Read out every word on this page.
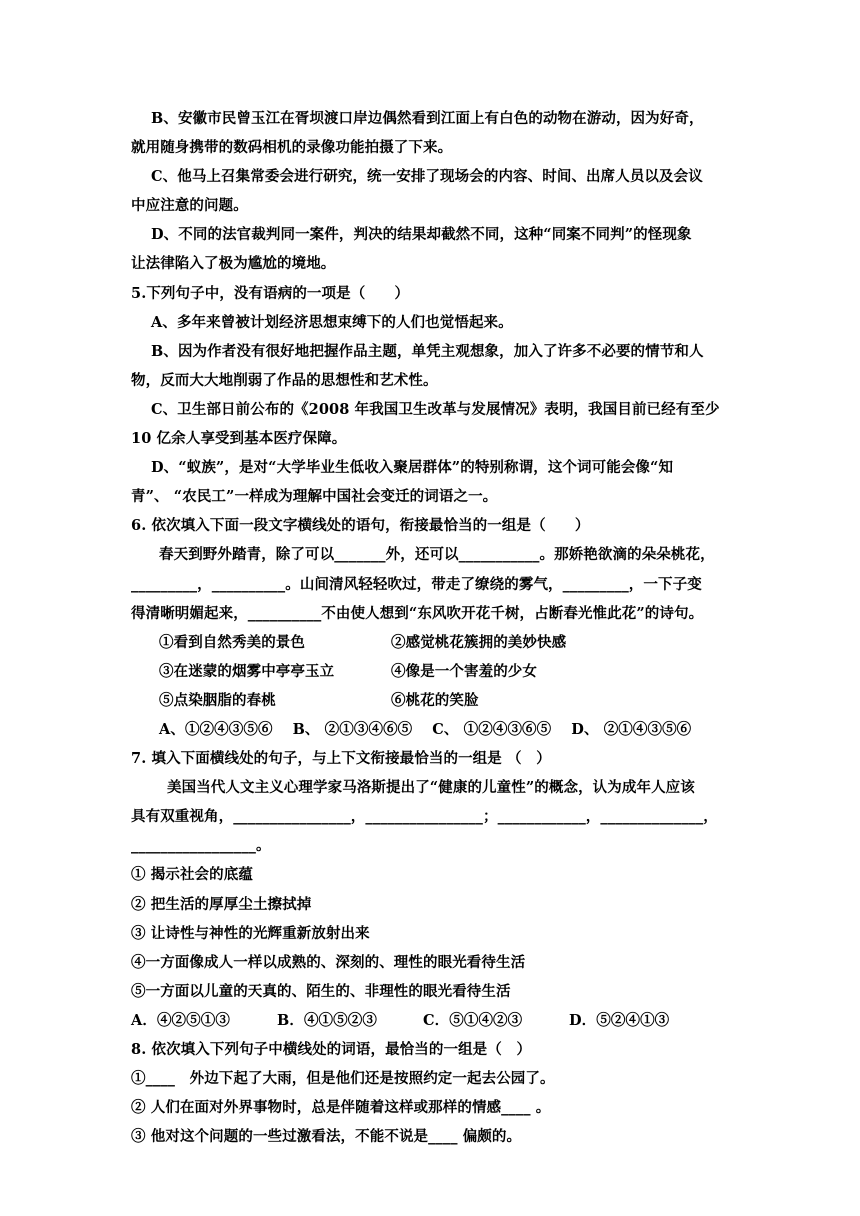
B、安徽市民曾玉江在胥坝渡口岸边偶然看到江面上有白色的动物在游动，因为好奇，
就用随身携带的数码相机的录像功能拍摄了下来。
C、他马上召集常委会进行研究，统一安排了现场会的内容、时间、出席人员以及会议
中应注意的问题。
D、不同的法官裁判同一案件，判决的结果却截然不同，这种“同案不同判”的怪现象
让法律陷入了极为尴尬的境地。
5.下列句子中，没有语病的一项是（　　）
A、多年来曾被计划经济思想束缚下的人们也觉悟起来。
B、因为作者没有很好地把握作品主题，单凭主观想象，加入了许多不必要的情节和人
物，反而大大地削弱了作品的思想性和艺术性。
C、卫生部日前公布的《2008 年我国卫生改革与发展情况》表明，我国目前已经有至少
10 亿余人享受到基本医疗保障。
D、“蚁族”，是对“大学毕业生低收入聚居群体”的特别称谓，这个词可能会像“知
青”、 “农民工”一样成为理解中国社会变迁的词语之一。
6. 依次填入下面一段文字横线处的语句，衔接最恰当的一组是（　　）
春天到野外踏青，除了可以_______外，还可以___________。那娇艳欲滴的朵朵桃花，
_________，__________。山间清风轻轻吹过，带走了缭绕的雾气，_________，一下子变
得清晰明媚起来，__________不由使人想到“东风吹开花千树，占断春光惟此花”的诗句。
①看到自然秀美的景色	②感觉桃花簇拥的美妙快感
③在迷蒙的烟雾中亭亭玉立	④像是一个害羞的少女
⑤点染胭脂的春桃	⑥桃花的笑脸
A、①②④③⑤⑥ B、 ②①③④⑥⑤ C、 ①②④③⑥⑤ D、 ②①④③⑤⑥
7. 填入下面横线处的句子，与上下文衔接最恰当的一组是 （　）
美国当代人文主义心理学家马洛斯提出了“健康的儿童性”的概念，认为成年人应该
具有双重视角，________________，________________；____________，______________，
_________________。
① 揭示社会的底蕴
② 把生活的厚厚尘土擦拭掉
③ 让诗性与神性的光辉重新放射出来
④一方面像成人一样以成熟的、深刻的、理性的眼光看待生活
⑤一方面以儿童的天真的、陌生的、非理性的眼光看待生活
A．④②⑤①③	B．④①⑤②③	C．⑤①④②③	D．⑤②④①③
8. 依次填入下列句子中横线处的词语，最恰当的一组是（　）
①____　外边下起了大雨，但是他们还是按照约定一起去公园了。
② 人们在面对外界事物时，总是伴随着这样或那样的情感____ 。
③ 他对这个问题的一些过激看法，不能不说是____ 偏颇的。
